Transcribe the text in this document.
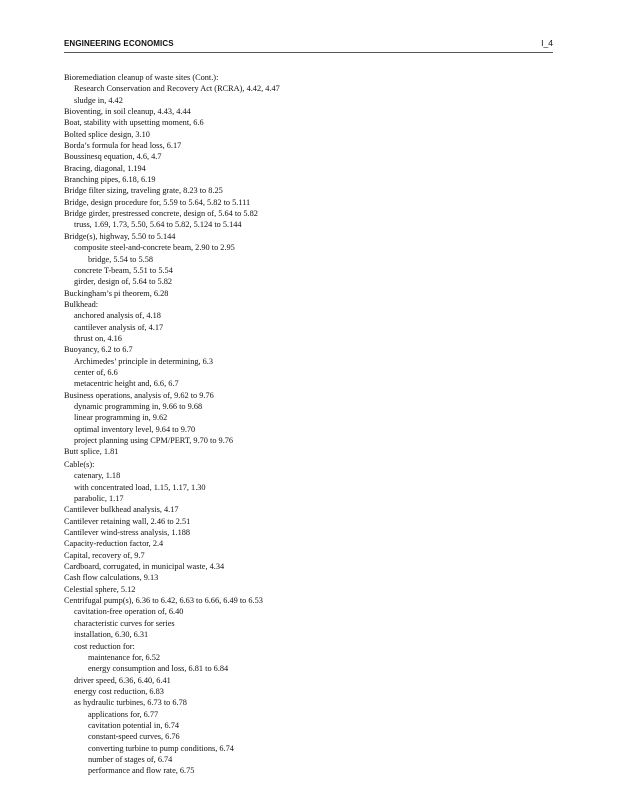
ENGINEERING ECONOMICS	I_4
Bioremediation cleanup of waste sites (Cont.):
Research Conservation and Recovery Act (RCRA), 4.42, 4.47
sludge in, 4.42
Bioventing, in soil cleanup, 4.43, 4.44
Boat, stability with upsetting moment, 6.6
Bolted splice design, 3.10
Borda’s formula for head loss, 6.17
Boussinesq equation, 4.6, 4.7
Bracing, diagonal, 1.194
Branching pipes, 6.18, 6.19
Bridge filter sizing, traveling grate, 8.23 to 8.25
Bridge, design procedure for, 5.59 to 5.64, 5.82 to 5.111
Bridge girder, prestressed concrete, design of, 5.64 to 5.82
truss, 1.69, 1.73, 5.50, 5.64 to 5.82, 5.124 to 5.144
Bridge(s), highway, 5.50 to 5.144
composite steel-and-concrete beam, 2.90 to 2.95
bridge, 5.54 to 5.58
concrete T-beam, 5.51 to 5.54
girder, design of, 5.64 to 5.82
Buckingham’s pi theorem, 6.28
Bulkhead:
anchored analysis of, 4.18
cantilever analysis of, 4.17
thrust on, 4.16
Buoyancy, 6.2 to 6.7
Archimedes’ principle in determining, 6.3
center of, 6.6
metacentric height and, 6.6, 6.7
Business operations, analysis of, 9.62 to 9.76
dynamic programming in, 9.66 to 9.68
linear programming in, 9.62
optimal inventory level, 9.64 to 9.70
project planning using CPM/PERT, 9.70 to 9.76
Butt splice, 1.81
Cable(s):
catenary, 1.18
with concentrated load, 1.15, 1.17, 1.30
parabolic, 1.17
Cantilever bulkhead analysis, 4.17
Cantilever retaining wall, 2.46 to 2.51
Cantilever wind-stress analysis, 1.188
Capacity-reduction factor, 2.4
Capital, recovery of, 9.7
Cardboard, corrugated, in municipal waste, 4.34
Cash flow calculations, 9.13
Celestial sphere, 5.12
Centrifugal pump(s), 6.36 to 6.42, 6.63 to 6.66, 6.49 to 6.53
cavitation-free operation of, 6.40
characteristic curves for series
installation, 6.30, 6.31
cost reduction for:
maintenance for, 6.52
energy consumption and loss, 6.81 to 6.84
driver speed, 6.36, 6.40, 6.41
energy cost reduction, 6.83
as hydraulic turbines, 6.73 to 6.78
applications for, 6.77
cavitation potential in, 6.74
constant-speed curves, 6.76
converting turbine to pump conditions, 6.74
number of stages of, 6.74
performance and flow rate, 6.75
